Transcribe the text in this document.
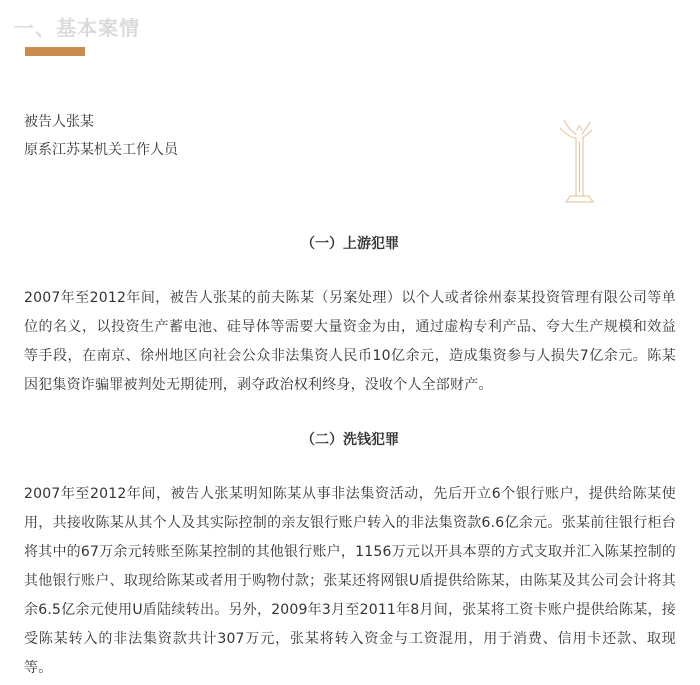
一、基本案情

被告人张某

原系江苏某机关工作人员

（一）上游犯罪

2007年至2012年间，被告人张某的前夫陈某（另案处理）以个人或者徐州泰某投资管理有限公司等单位的名义，以投资生产蓄电池、硅导体等需要大量资金为由，通过虚构专利产品、夸大生产规模和效益等手段，在南京、徐州地区向社会公众非法集资人民币10亿余元，造成集资参与人损失7亿余元。陈某因犯集资诈骗罪被判处无期徒刑，剥夺政治权利终身，没收个人全部财产。

（二）洗钱犯罪

2007年至2012年间，被告人张某明知陈某从事非法集资活动，先后开立6个银行账户，提供给陈某使用，共接收陈某从其个人及其实际控制的亲友银行账户转入的非法集资款6.6亿余元。张某前往银行柜台将其中的67万余元转账至陈某控制的其他银行账户，1156万元以开具本票的方式支取并汇入陈某控制的其他银行账户、取现给陈某或者用于购物付款；张某还将网银U盾提供给陈某，由陈某及其公司会计将其余6.5亿余元使用U盾陆续转出。另外，2009年3月至2011年8月间，张某将工资卡账户提供给陈某，接受陈某转入的非法集资款共计307万元，张某将转入资金与工资混用，用于消费、信用卡还款、取现等。
